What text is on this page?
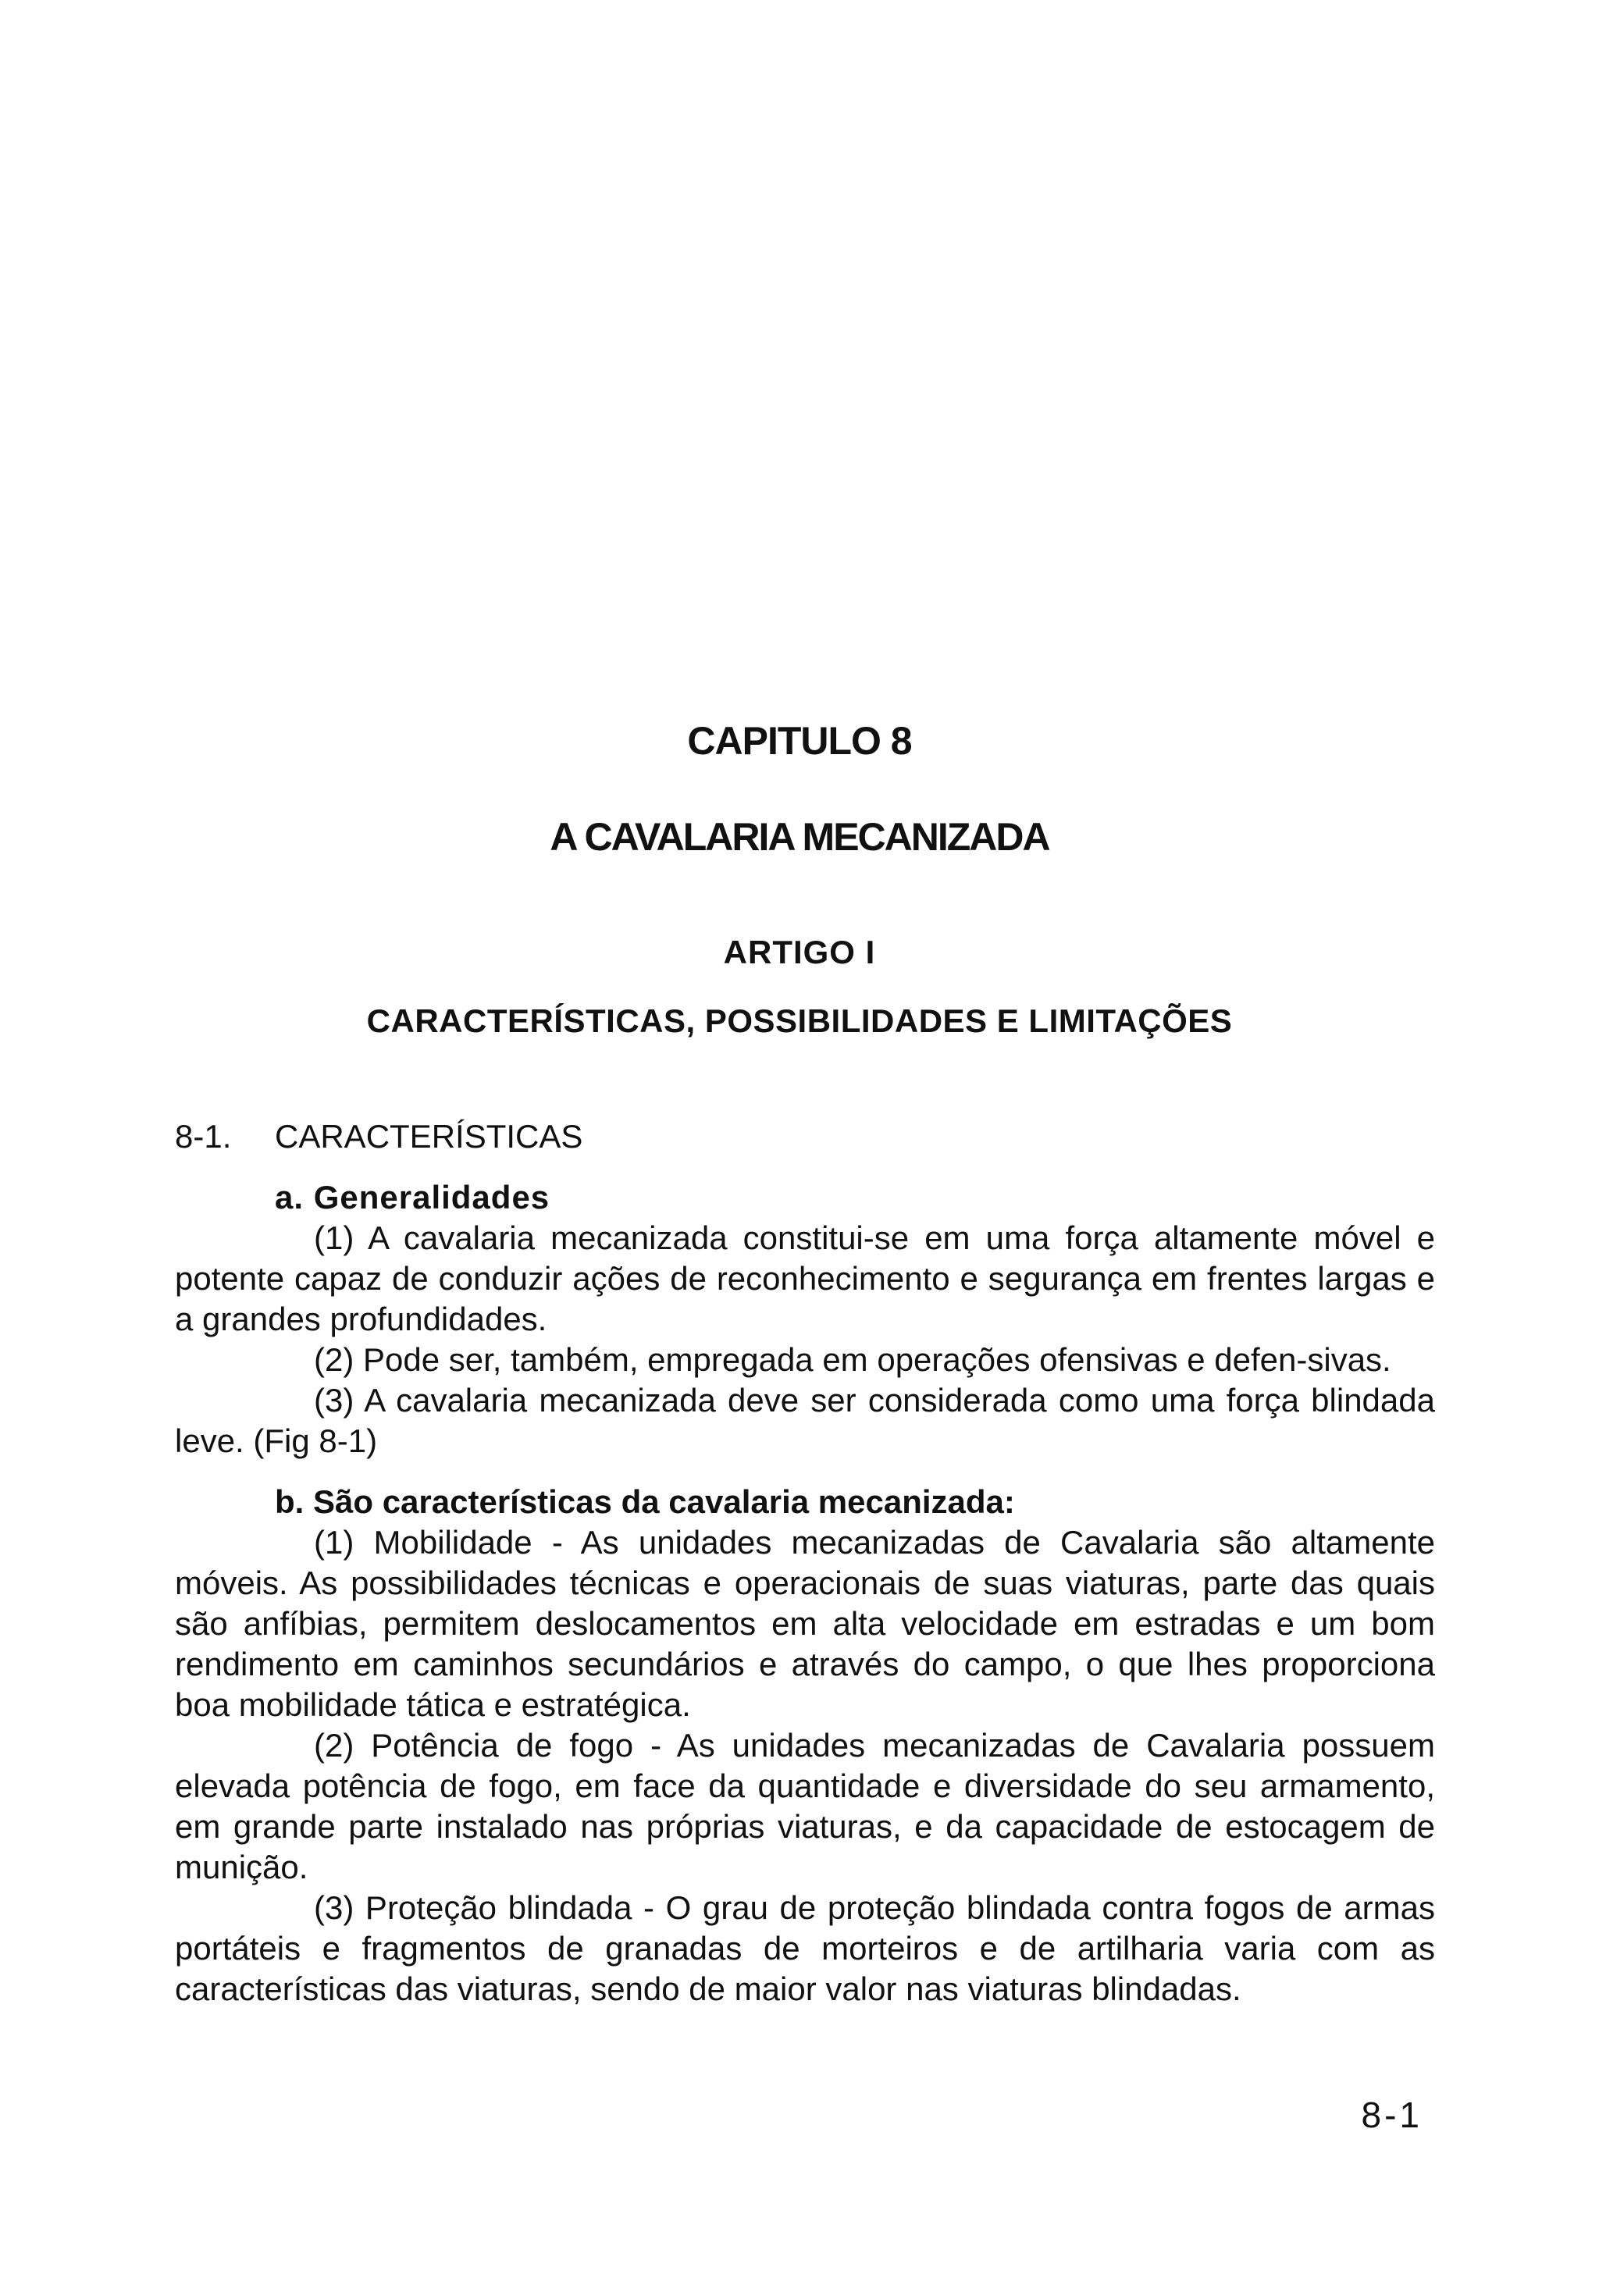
CAPITULO 8
A CAVALARIA MECANIZADA
ARTIGO I
CARACTERÍSTICAS, POSSIBILIDADES E LIMITAÇÕES
8-1. CARACTERÍSTICAS
a. Generalidades

(1) A cavalaria mecanizada constitui-se em uma força altamente móvel e potente capaz de conduzir ações de reconhecimento e segurança em frentes largas e a grandes profundidades.

(2) Pode ser, também, empregada em operações ofensivas e defen-sivas.

(3) A cavalaria mecanizada deve ser considerada como uma força blindada leve. (Fig 8-1)

b. São características da cavalaria mecanizada:

(1) Mobilidade - As unidades mecanizadas de Cavalaria são altamente móveis. As possibilidades técnicas e operacionais de suas viaturas, parte das quais são anfíbias, permitem deslocamentos em alta velocidade em estradas e um bom rendimento em caminhos secundários e através do campo, o que lhes proporciona boa mobilidade tática e estratégica.

(2) Potência de fogo - As unidades mecanizadas de Cavalaria possuem elevada potência de fogo, em face da quantidade e diversidade do seu armamento, em grande parte instalado nas próprias viaturas, e da capacidade de estocagem de munição.

(3) Proteção blindada - O grau de proteção blindada contra fogos de armas portáteis e fragmentos de granadas de morteiros e de artilharia varia com as características das viaturas, sendo de maior valor nas viaturas blindadas.

8-1
